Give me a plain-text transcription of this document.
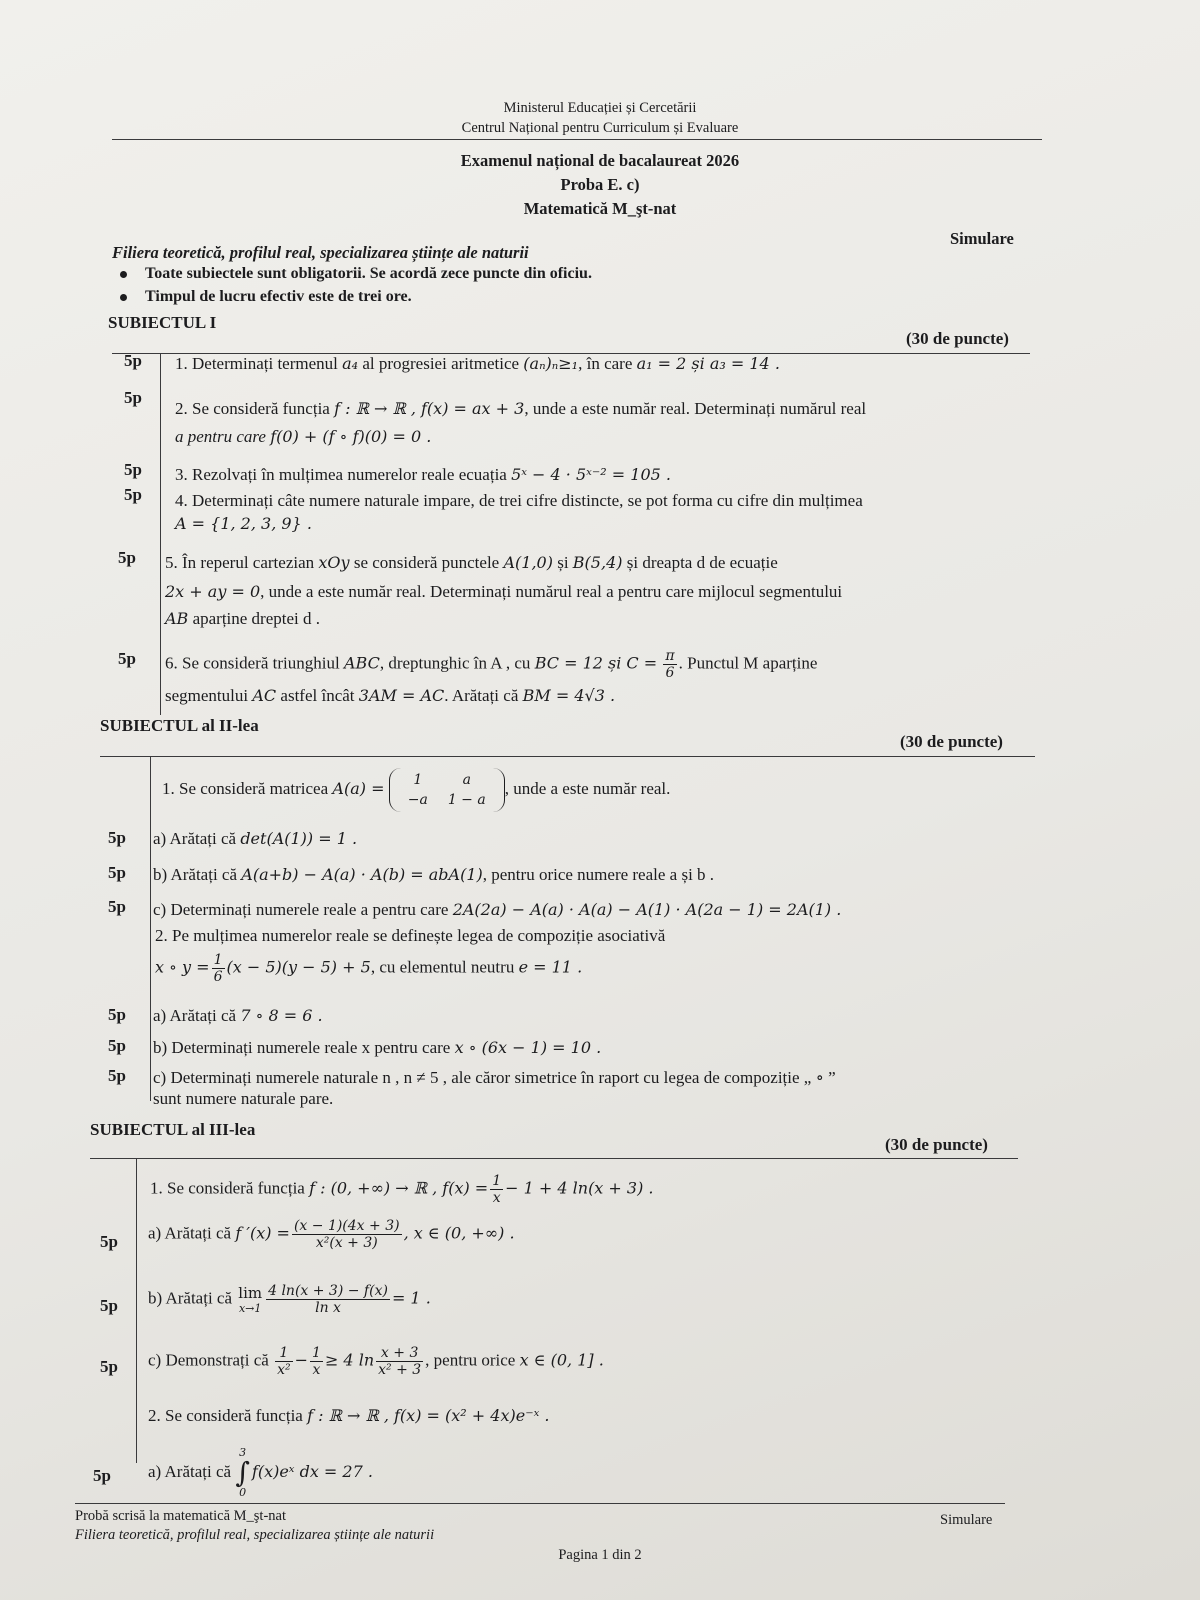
Ministerul Educației și Cercetării
Centrul Național pentru Curriculum și Evaluare
Examenul național de bacalaureat 2026
Proba E. c)
Matematică M_şt-nat
Simulare
Filiera teoretică, profilul real, specializarea științe ale naturii
Toate subiectele sunt obligatorii. Se acordă zece puncte din oficiu.
Timpul de lucru efectiv este de trei ore.
SUBIECTUL I
(30 de puncte)
5p 1. Determinați termenul a₄ al progresiei aritmetice (aₙ)ₙ≥₁, în care a₁ = 2 și a₃ = 14 .
5p
2. Se consideră funcția f : ℝ → ℝ , f(x) = ax + 3, unde a este număr real. Determinați numărul real
a pentru care f(0) + (f ∘ f)(0) = 0 .
5p 3. Rezolvați în mulțimea numerelor reale ecuația 5ˣ − 4 · 5ˣ⁻² = 105 .
5p 4. Determinați câte numere naturale impare, de trei cifre distincte, se pot forma cu cifre din mulțimea
A = {1, 2, 3, 9} .
5p 5. În reperul cartezian xOy se consideră punctele A(1,0) și B(5,4) și dreapta d de ecuație
2x + ay = 0, unde a este număr real. Determinați numărul real a pentru care mijlocul segmentului
AB aparține dreptei d .
5p 6. Se consideră triunghiul ABC, dreptunghic în A , cu BC = 12 și $C = \frac{\pi}{6}$ . Punctul M aparține
segmentului AC astfel încât 3AM = AC. Arătați că BM = 4√3 .
SUBIECTUL al II-lea
(30 de puncte)
1. Se consideră matricea A(a) = 1	a
−a	1 − a
, unde a este număr real.
5p a) Arătați că det(A(1)) = 1 .
5p b) Arătați că A(a+b) − A(a) · A(b) = abA(1), pentru orice numere reale a și b .
5p c) Determinați numerele reale a pentru care 2A(2a) − A(a) · A(a) − A(1) · A(2a − 1) = 2A(1) .
2. Pe mulțimea numerelor reale se definește legea de compoziție asociativă
x ∘ $y = \frac{1}{6} (x - 5)(y - 5) + 5$, cu elementul neutru e = 11 .
5p a) Arătați că 7 ∘ 8 = 6 .
5p b) Determinați numerele reale x pentru care x ∘ (6x − 1) = 10 .
5p c) Determinați numerele naturale n , n ≠ 5 , ale căror simetrice în raport cu legea de compoziție „ ∘ ”
sunt numere naturale pare.
SUBIECTUL al III-lea
(30 de puncte)
1. Se consideră funcția f : (0, +∞) → ℝ , $f(x) = \frac{1}{x} - 1 + 4$ ln(x + 3) .
5p a) Arătați că f $'(x) = \frac{(x - 1)(4x + 3)}{\text{x²(x + 3)}}$ , x ∈ (0, +∞) .
5p b) Arătați că lim
$x\to 1 \frac{4 \ln(x + 3) - f(x)}{\text{ln x}} = 1$ .
5p c) Demonstrați că $\frac{1}{\text{x²}} - \frac{1}{x} \ge 4$ $\ln \frac{x + 3}{\text{x² + 3}}$ , pentru orice x ∈ (0, 1] .
2. Se consideră funcția f : ℝ → ℝ , f(x) = (x² + 4x)e⁻ˣ .
5p a) Arătați că
3
∫
0
f(x)eˣ dx = 27 .
Probă scrisă la matematică M_şt-nat
Filiera teoretică, profilul real, specializarea științe ale naturii
Simulare
Pagina 1 din 2
